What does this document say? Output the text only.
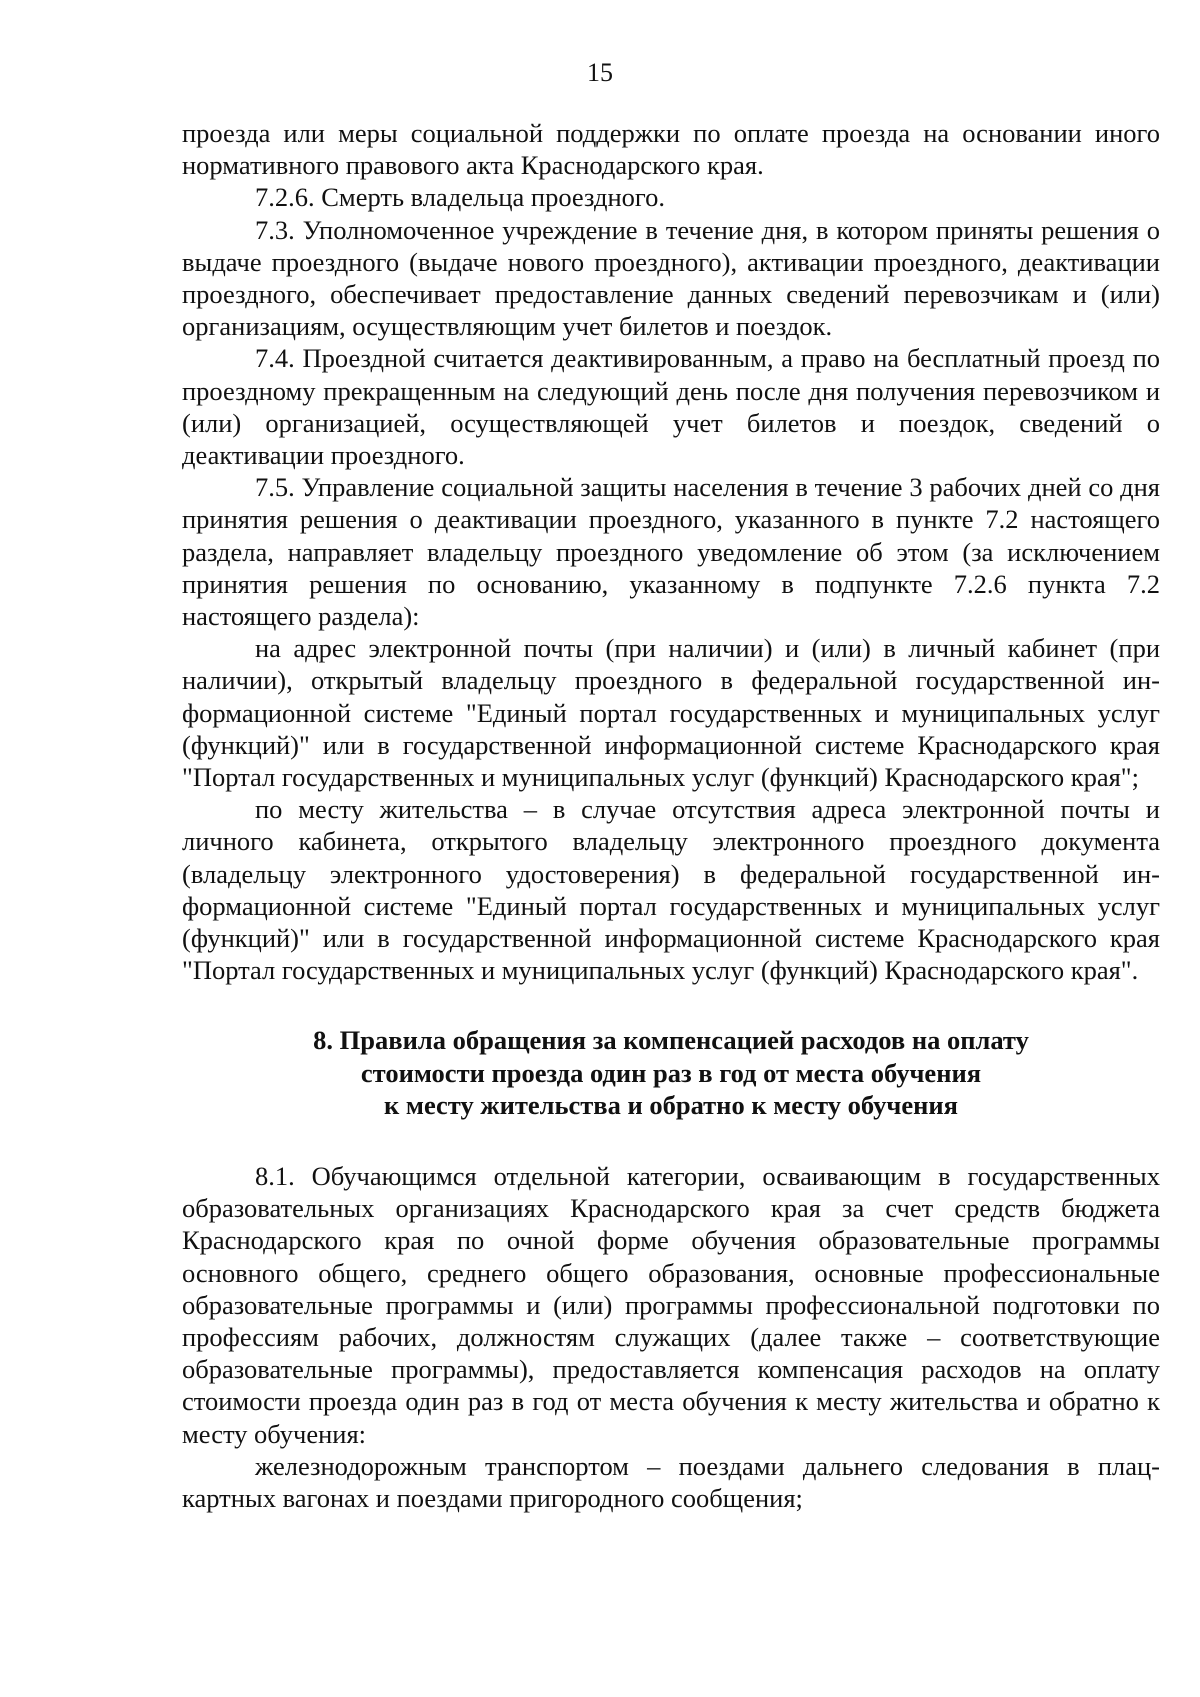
15

проезда или меры социальной поддержки по оплате проезда на основании иного нормативного правового акта Краснодарского края.

7.2.6. Смерть владельца проездного.

7.3. Уполномоченное учреждение в течение дня, в котором приняты решения о выдаче проездного (выдаче нового проездного), активации проездного, деактивации проездного, обеспечивает предоставление данных сведений перевозчикам и (или) организациям, осуществляющим учет билетов и поездок.

7.4. Проездной считается деактивированным, а право на бесплатный проезд по проездному прекращенным на следующий день после дня получения перевозчиком и (или) организацией, осуществляющей учет билетов и поездок, сведений о деактивации проездного.

7.5. Управление социальной защиты населения в течение 3 рабочих дней со дня принятия решения о деактивации проездного, указанного в пункте 7.2 настоящего раздела, направляет владельцу проездного уведомление об этом (за исключением принятия решения по основанию, указанному в подпункте 7.2.6 пункта 7.2 настоящего раздела):

на адрес электронной почты (при наличии) и (или) в личный кабинет (при наличии), открытый владельцу проездного в федеральной государственной информационной системе "Единый портал государственных и муниципальных услуг (функций)" или в государственной информационной системе Краснодарского края "Портал государственных и муниципальных услуг (функций) Краснодарского края";

по месту жительства – в случае отсутствия адреса электронной почты и личного кабинета, открытого владельцу электронного проездного документа (владельцу электронного удостоверения) в федеральной государственной информационной системе "Единый портал государственных и муниципальных услуг (функций)" или в государственной информационной системе Краснодарского края "Портал государственных и муниципальных услуг (функций) Краснодарского края".

8. Правила обращения за компенсацией расходов на оплату
стоимости проезда один раз в год от места обучения
к месту жительства и обратно к месту обучения

8.1. Обучающимся отдельной категории, осваивающим в государственных образовательных организациях Краснодарского края за счет средств бюджета Краснодарского края по очной форме обучения образовательные программы основного общего, среднего общего образования, основные профессиональные образовательные программы и (или) программы профессиональной подготовки по профессиям рабочих, должностям служащих (далее также – соответствующие образовательные программы), предоставляется компенсация расходов на оплату стоимости проезда один раз в год от места обучения к месту жительства и обратно к месту обучения:

железнодорожным транспортом – поездами дальнего следования в плацкартных вагонах и поездами пригородного сообщения;
